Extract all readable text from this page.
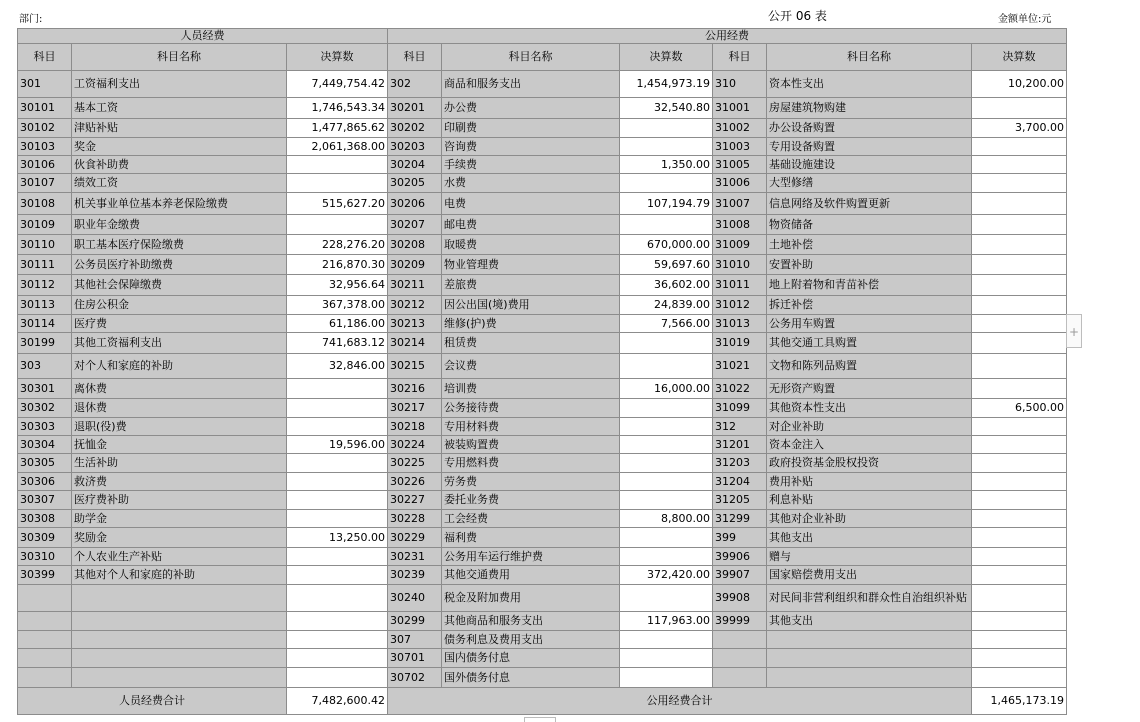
部门:	公开 06 表	金额单位:元
人员经费			公用经费					
科目	科目名称	决算数	科目	科目名称	决算数	科目	科目名称	决算数
301	工资福利支出	7,449,754.42	302	商品和服务支出	1,454,973.19	310	资本性支出	10,200.00
30101	基本工资	1,746,543.34	30201	办公费	32,540.80	31001	房屋建筑物购建	
30102	津贴补贴	1,477,865.62	30202	印刷费		31002	办公设备购置	3,700.00
30103	奖金	2,061,368.00	30203	咨询费		31003	专用设备购置	
30106	伙食补助费		30204	手续费	1,350.00	31005	基础设施建设	
30107	绩效工资		30205	水费		31006	大型修缮	
30108	机关事业单位基本养老保险缴费	515,627.20	30206	电费	107,194.79	31007	信息网络及软件购置更新	
30109	职业年金缴费		30207	邮电费		31008	物资储备	
30110	职工基本医疗保险缴费	228,276.20	30208	取暖费	670,000.00	31009	土地补偿	
30111	公务员医疗补助缴费	216,870.30	30209	物业管理费	59,697.60	31010	安置补助	
30112	其他社会保障缴费	32,956.64	30211	差旅费	36,602.00	31011	地上附着物和青苗补偿	
30113	住房公积金	367,378.00	30212	因公出国(境)费用	24,839.00	31012	拆迁补偿	
30114	医疗费	61,186.00	30213	维修(护)费	7,566.00	31013	公务用车购置	
30199	其他工资福利支出	741,683.12	30214	租赁费		31019	其他交通工具购置	
303	对个人和家庭的补助	32,846.00	30215	会议费		31021	文物和陈列品购置	
30301	离休费		30216	培训费	16,000.00	31022	无形资产购置	
30302	退休费		30217	公务接待费		31099	其他资本性支出	6,500.00
30303	退职(役)费		30218	专用材料费		312	对企业补助	
30304	抚恤金	19,596.00	30224	被装购置费		31201	资本金注入	
30305	生活补助		30225	专用燃料费		31203	政府投资基金股权投资	
30306	救济费		30226	劳务费		31204	费用补贴	
30307	医疗费补助		30227	委托业务费		31205	利息补贴	
30308	助学金		30228	工会经费	8,800.00	31299	其他对企业补助	
30309	奖励金	13,250.00	30229	福利费		399	其他支出	
30310	个人农业生产补贴		30231	公务用车运行维护费		39906	赠与	
30399	其他对个人和家庭的补助		30239	其他交通费用	372,420.00	39907	国家赔偿费用支出	
			30240	税金及附加费用		39908	对民间非营利组织和群众性自治组织补贴	
			30299	其他商品和服务支出	117,963.00	39999	其他支出	
			307	债务利息及费用支出				
			30701	国内债务付息				
			30702	国外债务付息				
人员经费合计		7,482,600.42	公用经费合计					1,465,173.19
+
